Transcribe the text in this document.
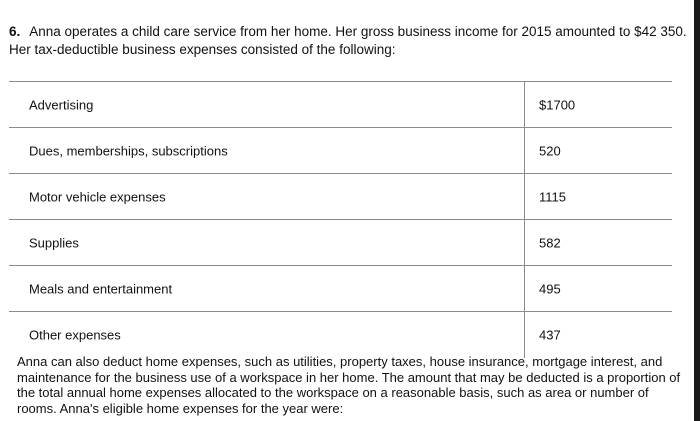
6. Anna operates a child care service from her home. Her gross business income for 2015 amounted to $42 350. Her tax-deductible business expenses consisted of the following:
Advertising	$1700
Dues, memberships, subscriptions	520
Motor vehicle expenses	1115
Supplies	582
Meals and entertainment	495
Other expenses	437
Anna can also deduct home expenses, such as utilities, property taxes, house insurance, mortgage interest, and maintenance for the business use of a workspace in her home. The amount that may be deducted is a proportion of the total annual home expenses allocated to the workspace on a reasonable basis, such as area or number of rooms. Anna's eligible home expenses for the year were:
